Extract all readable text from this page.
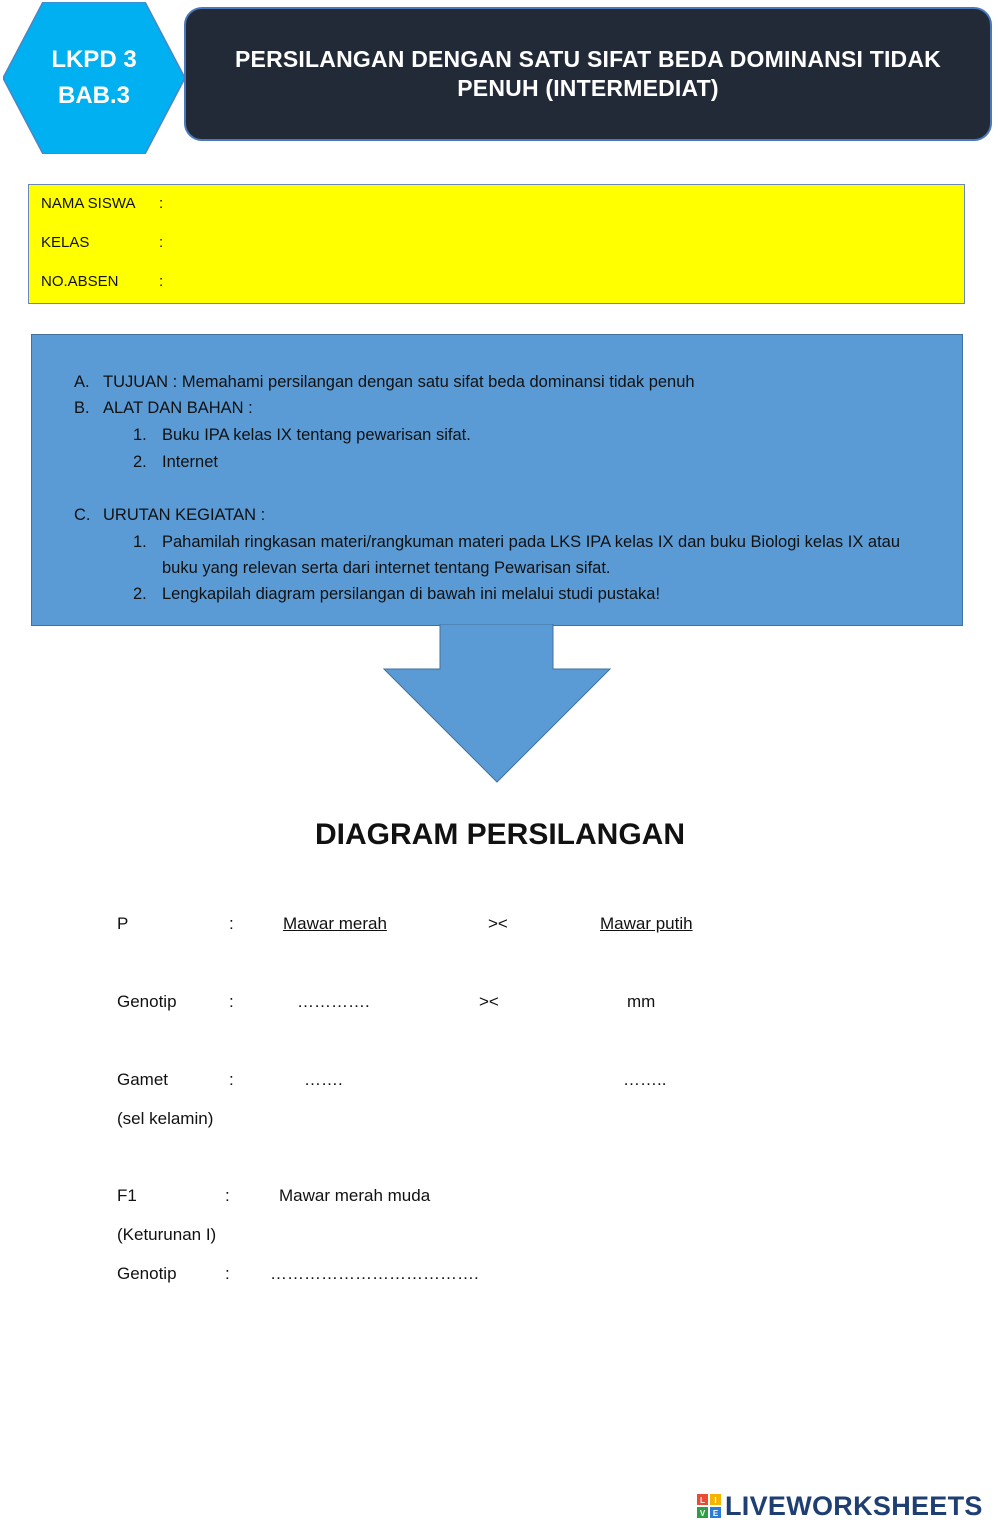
LKPD 3
BAB.3
PERSILANGAN DENGAN SATU SIFAT BEDA DOMINANSI TIDAK PENUH (INTERMEDIAT)
NAMA SISWA :
KELAS	:
NO.ABSEN	:
A. TUJUAN : Memahami persilangan dengan satu sifat beda dominansi tidak penuh
B. ALAT DAN BAHAN :
1. Buku IPA kelas IX tentang pewarisan sifat.
2. Internet
C. URUTAN KEGIATAN :
1. Pahamilah ringkasan materi/rangkuman materi pada LKS IPA kelas IX dan buku Biologi kelas IX atau
buku yang relevan serta dari internet tentang Pewarisan sifat.
2. Lengkapilah diagram persilangan di bawah ini melalui studi pustaka!
DIAGRAM PERSILANGAN
P	:	Mawar merah	><	Mawar putih
Genotip	:	………….	><	mm
Gamet	:	…….	……..
(sel kelamin)
F1	:	Mawar merah muda
(Keturunan I)
Genotip	: ……………………………….
L I
V E LIVEWORKSHEETS
